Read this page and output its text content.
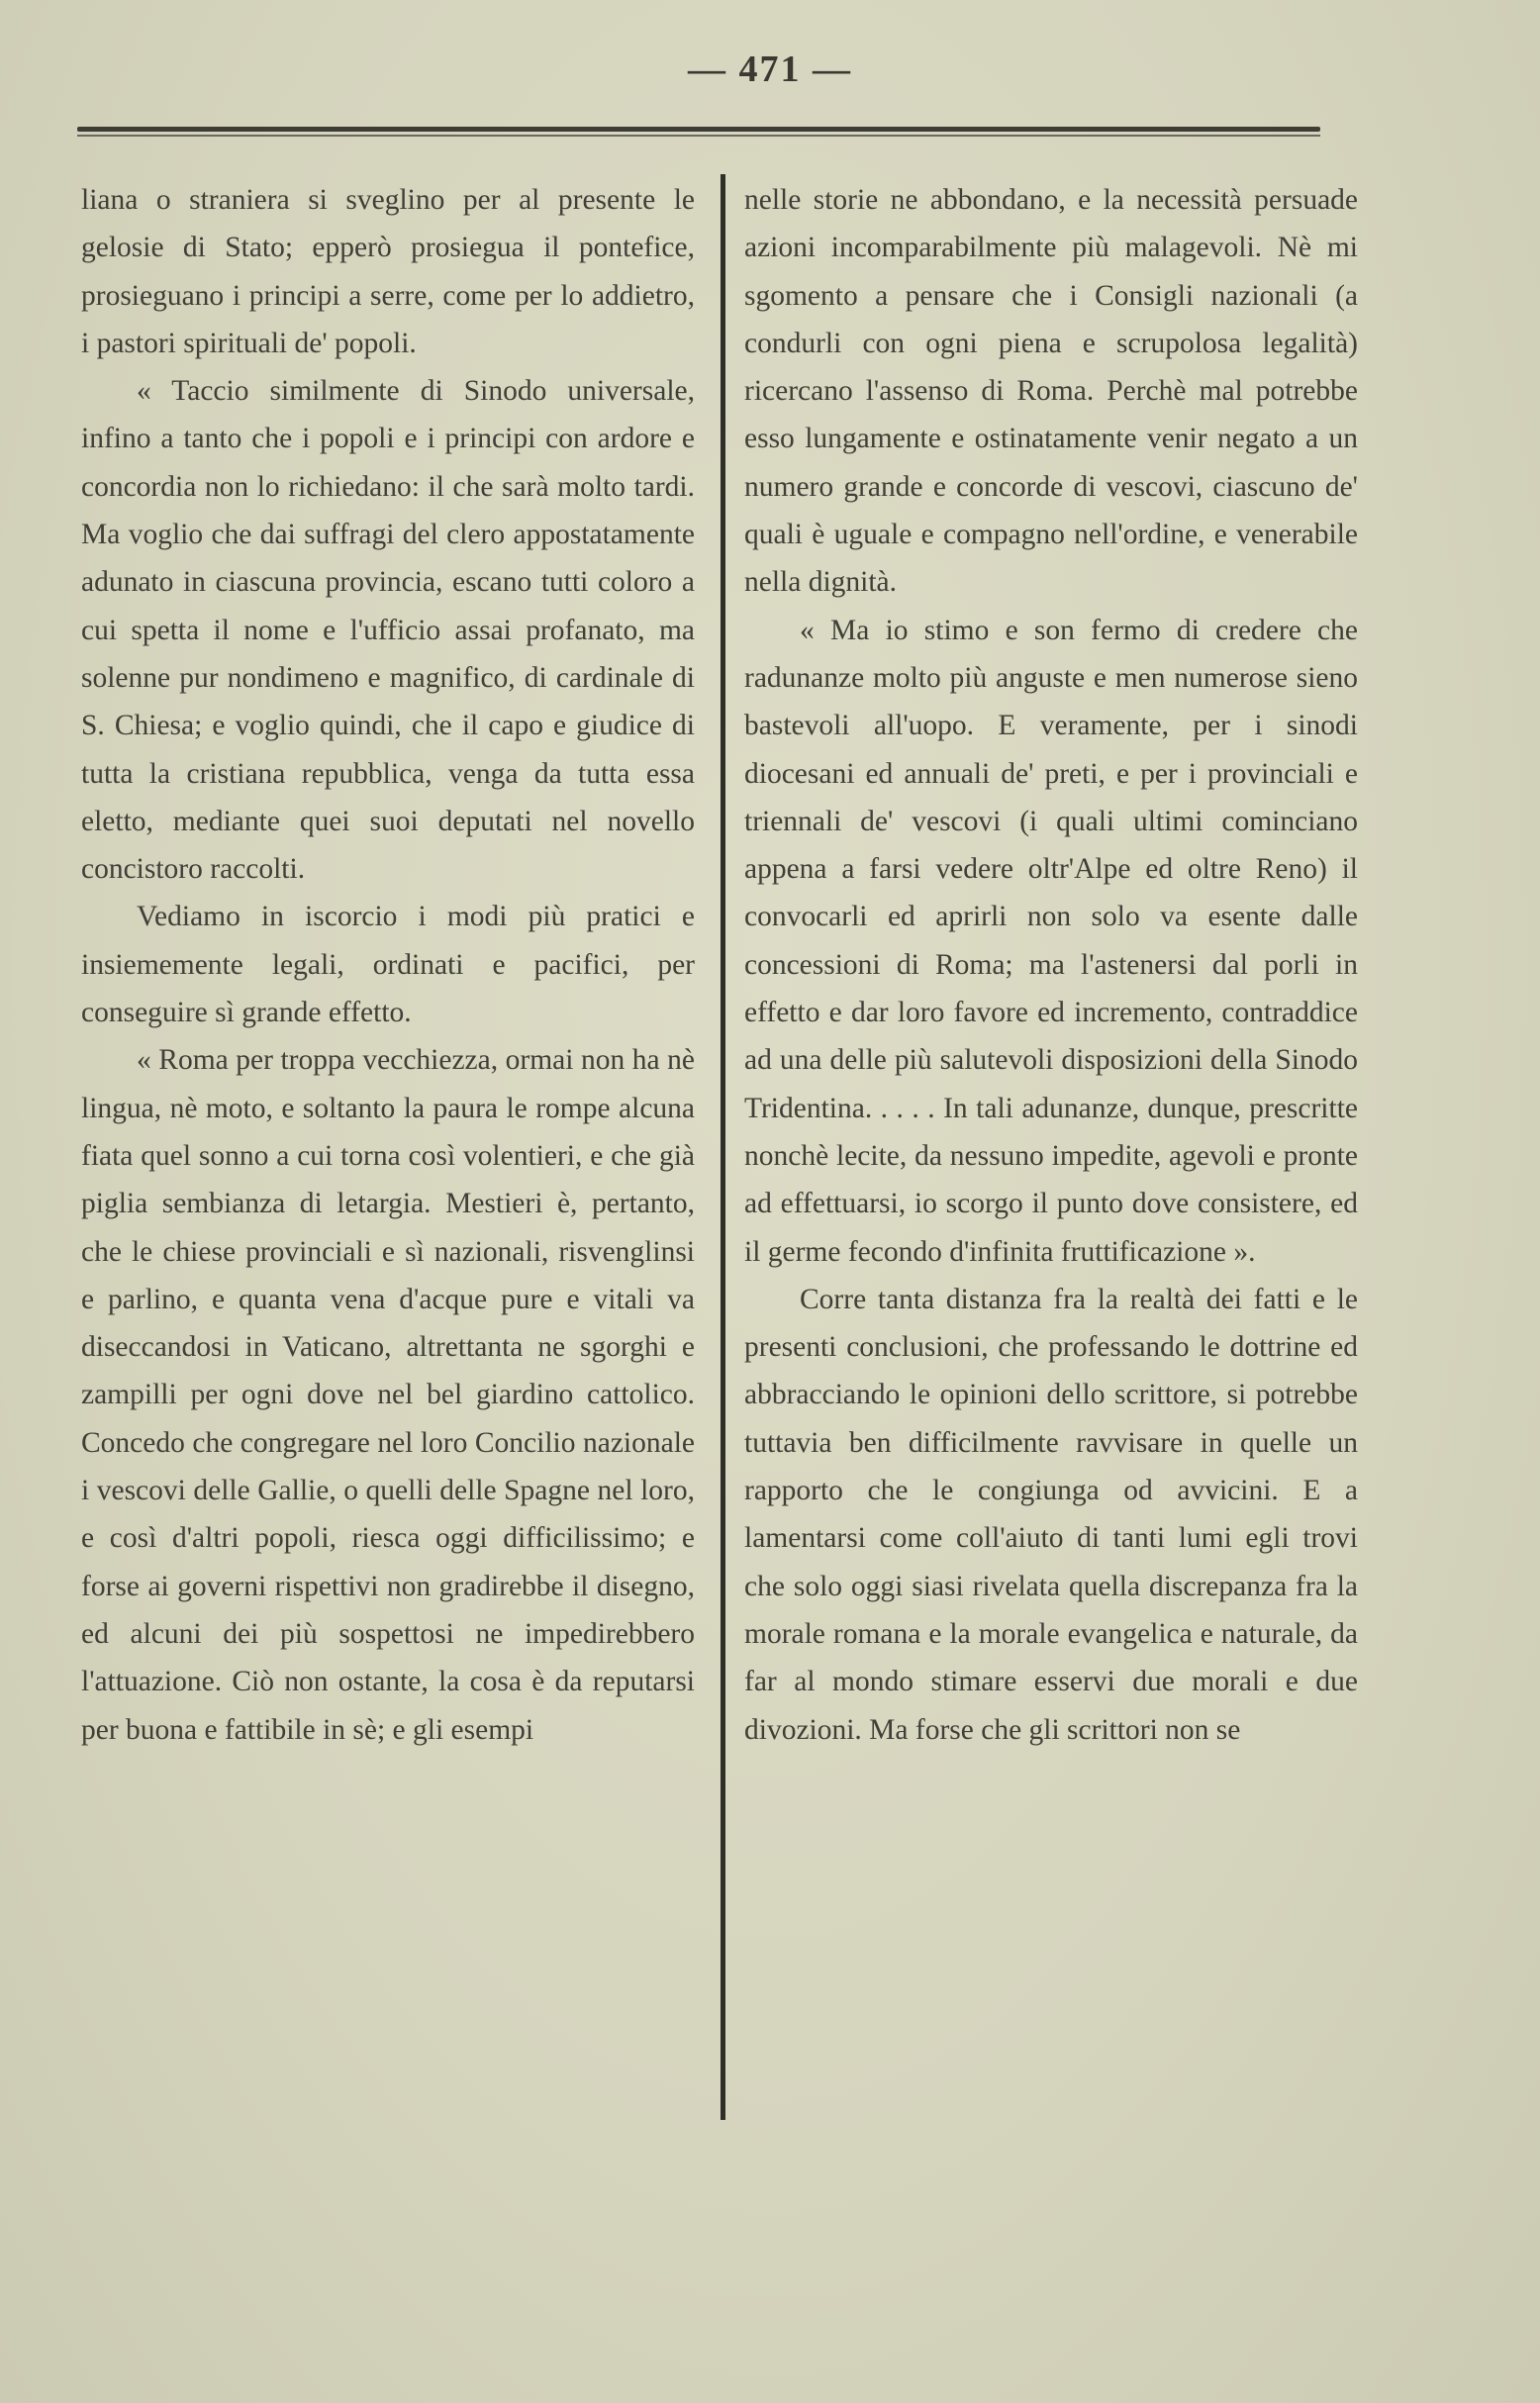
— 471 —

liana o straniera si sveglino per al presente le gelosie di Stato; epperò prosiegua il pontefice, prosieguano i principi a serre, come per lo addietro, i pastori spirituali de' popoli.

« Taccio similmente di Sinodo universale, infino a tanto che i popoli e i principi con ardore e concordia non lo richiedano: il che sarà molto tardi. Ma voglio che dai suffragi del clero appostatamente adunato in ciascuna provincia, escano tutti coloro a cui spetta il nome e l'ufficio assai profanato, ma solenne pur nondimeno e magnifico, di cardinale di S. Chiesa; e voglio quindi, che il capo e giudice di tutta la cristiana repubblica, venga da tutta essa eletto, mediante quei suoi deputati nel novello concistoro raccolti.

Vediamo in iscorcio i modi più pratici e insiememente legali, ordinati e pacifici, per conseguire sì grande effetto.

« Roma per troppa vecchiezza, ormai non ha nè lingua, nè moto, e soltanto la paura le rompe alcuna fiata quel sonno a cui torna così volentieri, e che già piglia sembianza di letargia. Mestieri è, pertanto, che le chiese provinciali e sì nazionali, risvenglinsi e parlino, e quanta vena d'acque pure e vitali va diseccandosi in Vaticano, altrettanta ne sgorghi e zampilli per ogni dove nel bel giardino cattolico. Concedo che congregare nel loro Concilio nazionale i vescovi delle Gallie, o quelli delle Spagne nel loro, e così d'altri popoli, riesca oggi difficilissimo; e forse ai governi rispettivi non gradirebbe il disegno, ed alcuni dei più sospettosi ne impedirebbero l'attuazione. Ciò non ostante, la cosa è da reputarsi per buona e fattibile in sè; e gli esempi

nelle storie ne abbondano, e la necessità persuade azioni incomparabilmente più malagevoli. Nè mi sgomento a pensare che i Consigli nazionali (a condurli con ogni piena e scrupolosa legalità) ricercano l'assenso di Roma. Perchè mal potrebbe esso lungamente e ostinatamente venir negato a un numero grande e concorde di vescovi, ciascuno de' quali è uguale e compagno nell'ordine, e venerabile nella dignità.

« Ma io stimo e son fermo di credere che radunanze molto più anguste e men numerose sieno bastevoli all'uopo. E veramente, per i sinodi diocesani ed annuali de' preti, e per i provinciali e triennali de' vescovi (i quali ultimi cominciano appena a farsi vedere oltr'Alpe ed oltre Reno) il convocarli ed aprirli non solo va esente dalle concessioni di Roma; ma l'astenersi dal porli in effetto e dar loro favore ed incremento, contraddice ad una delle più salutevoli disposizioni della Sinodo Tridentina. . . . . In tali adunanze, dunque, prescritte nonchè lecite, da nessuno impedite, agevoli e pronte ad effettuarsi, io scorgo il punto dove consistere, ed il germe fecondo d'infinita fruttificazione ».

Corre tanta distanza fra la realtà dei fatti e le presenti conclusioni, che professando le dottrine ed abbracciando le opinioni dello scrittore, si potrebbe tuttavia ben difficilmente ravvisare in quelle un rapporto che le congiunga od avvicini. E a lamentarsi come coll'aiuto di tanti lumi egli trovi che solo oggi siasi rivelata quella discrepanza fra la morale romana e la morale evangelica e naturale, da far al mondo stimare esservi due morali e due divozioni. Ma forse che gli scrittori non se
